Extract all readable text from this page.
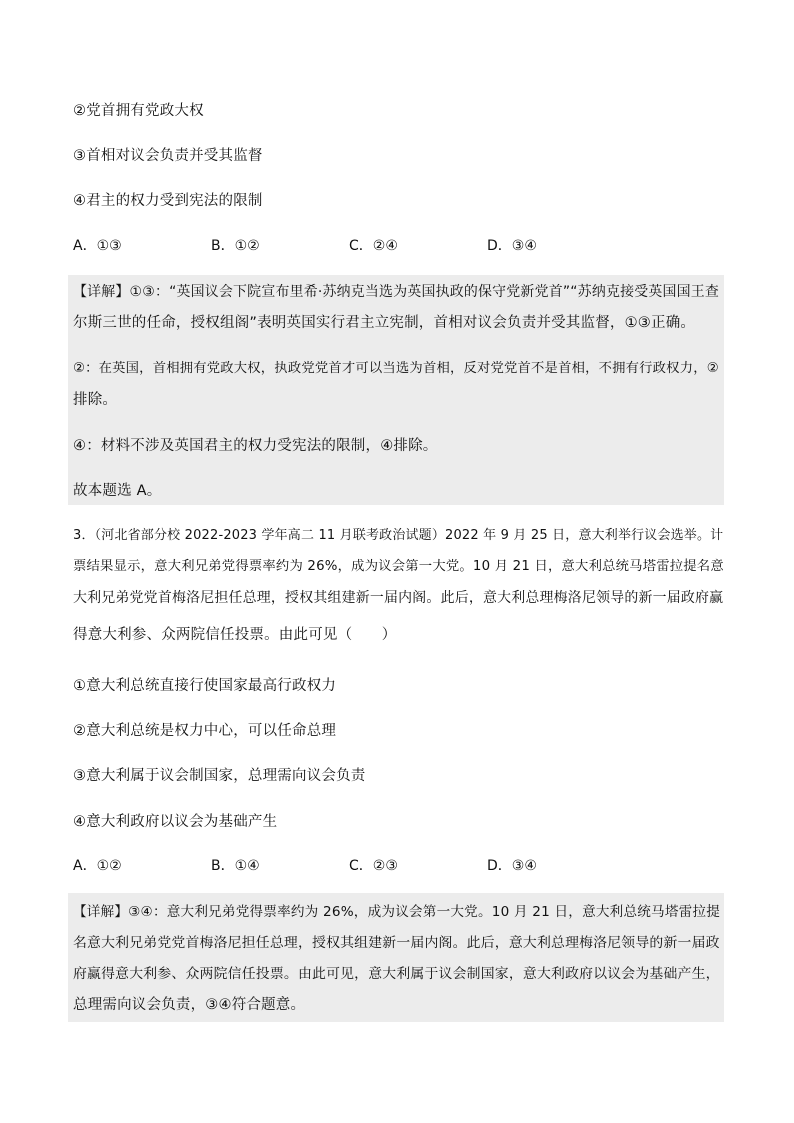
②党首拥有党政大权
③首相对议会负责并受其监督
④君主的权力受到宪法的限制
A．①③	B．①②	C．②④	D．③④
【详解】①③：“英国议会下院宣布里希·苏纳克当选为英国执政的保守党新党首”“苏纳克接受英国国王查
尔斯三世的任命，授权组阁”表明英国实行君主立宪制，首相对议会负责并受其监督，①③正确。
②：在英国，首相拥有党政大权，执政党党首才可以当选为首相，反对党党首不是首相，不拥有行政权力，②
排除。
④：材料不涉及英国君主的权力受宪法的限制，④排除。
故本题选 A。
3．（河北省部分校 2022-2023 学年高二 11 月联考政治试题）2022 年 9 月 25 日，意大利举行议会选举。计
票结果显示，意大利兄弟党得票率约为 26%，成为议会第一大党。10 月 21 日，意大利总统马塔雷拉提名意
大利兄弟党党首梅洛尼担任总理，授权其组建新一届内阁。此后，意大利总理梅洛尼领导的新一届政府赢
得意大利参、众两院信任投票。由此可见（　　）
①意大利总统直接行使国家最高行政权力
②意大利总统是权力中心，可以任命总理
③意大利属于议会制国家，总理需向议会负责
④意大利政府以议会为基础产生
A．①②	B．①④	C．②③	D．③④
【详解】③④：意大利兄弟党得票率约为 26%，成为议会第一大党。10 月 21 日，意大利总统马塔雷拉提
名意大利兄弟党党首梅洛尼担任总理，授权其组建新一届内阁。此后，意大利总理梅洛尼领导的新一届政
府赢得意大利参、众两院信任投票。由此可见，意大利属于议会制国家，意大利政府以议会为基础产生，
总理需向议会负责，③④符合题意。
